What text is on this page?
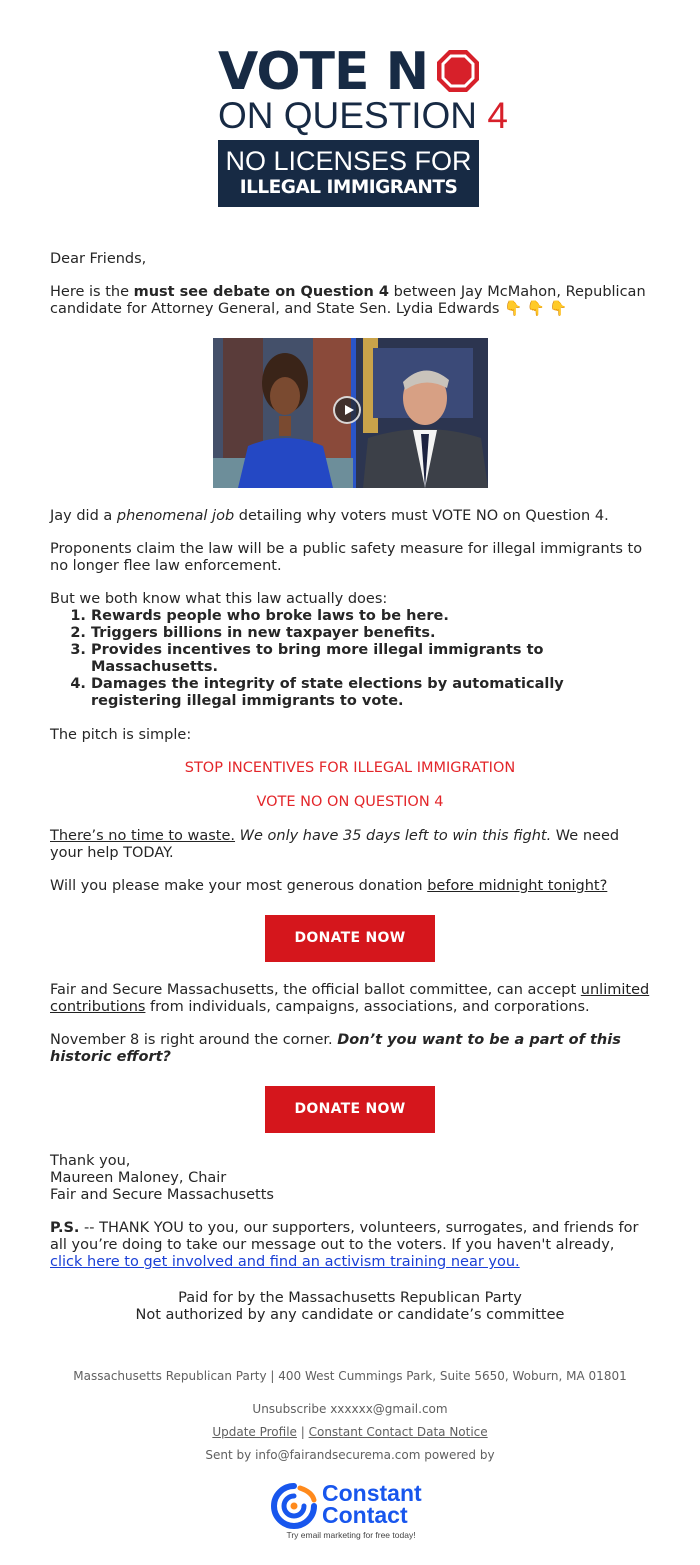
VOTE N
ON QUESTION 4
NO LICENSES FOR
ILLEGAL IMMIGRANTS
Dear Friends,
Here is the must see debate on Question 4 between Jay McMahon, Republican candidate for Attorney General, and State Sen. Lydia Edwards 👇 👇 👇
Jay did a phenomenal job detailing why voters must VOTE NO on Question 4.
Proponents claim the law will be a public safety measure for illegal immigrants to no longer flee law enforcement.
But we both know what this law actually does:
1. Rewards people who broke laws to be here.
2. Triggers billions in new taxpayer benefits.
3. Provides incentives to bring more illegal immigrants to Massachusetts.
4. Damages the integrity of state elections by automatically registering illegal immigrants to vote.
The pitch is simple:
STOP INCENTIVES FOR ILLEGAL IMMIGRATION
VOTE NO ON QUESTION 4
There’s no time to waste. We only have 35 days left to win this fight. We need your help TODAY.
Will you please make your most generous donation before midnight tonight?
DONATE NOW
Fair and Secure Massachusetts, the official ballot committee, can accept unlimited contributions from individuals, campaigns, associations, and corporations.
November 8 is right around the corner. Don’t you want to be a part of this historic effort?
DONATE NOW
Thank you,
Maureen Maloney, Chair
Fair and Secure Massachusetts
P.S. -- THANK YOU to you, our supporters, volunteers, surrogates, and friends for all you’re doing to take our message out to the voters. If you haven't already, click here to get involved and find an activism training near you.
Paid for by the Massachusetts Republican Party
Not authorized by any candidate or candidate’s committee
Massachusetts Republican Party | 400 West Cummings Park, Suite 5650, Woburn, MA 01801
Unsubscribe xxxxxx@gmail.com
Update Profile | Constant Contact Data Notice
Sent by info@fairandsecurema.com powered by
Constant
Contact
Try email marketing for free today!
